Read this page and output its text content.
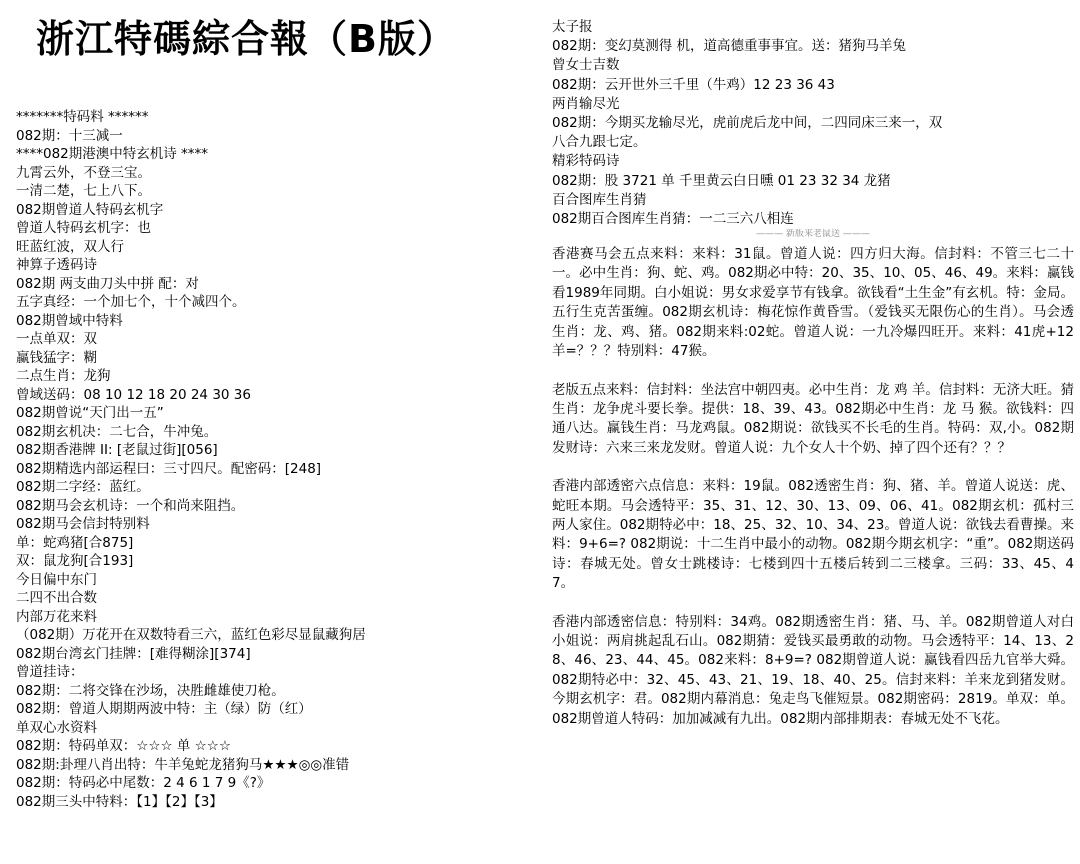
浙江特碼綜合報（B版）
*******特码料 ******
082期：十三减一
****082期港澳中特玄机诗 ****
九霄云外，不登三宝。
一清二楚，七上八下。
082期曾道人特码玄机字
曾道人特码玄机字：也
旺蓝红波，双人行
神算子透码诗
082期 两支曲刀头中拼 配：对
五字真经：一个加七个，十个减四个。
082期曾域中特料
一点单双：双
赢钱猛字：糊
二点生肖：龙狗
曾域送码：08 10 12 18 20 24 30 36
082期曾说“天门出一五”
082期玄机决：二七合，牛冲兔。
082期香港牌 II: [老鼠过街][056]
082期精选内部运程曰：三寸四尺。配密码：[248]
082期二字经：蓝红。
082期马会玄机诗：一个和尚来阻挡。
082期马会信封特别料
单：蛇鸡猪[合875]
双：鼠龙狗[合193]
今日偏中东门
二四不出合数
内部万花来料
（082期）万花开在双数特看三六，蓝红色彩尽显鼠藏狗居
082期台湾玄门挂牌：[难得糊涂][374]
曾道挂诗：
082期：二将交锋在沙场，决胜雌雄使刀枪。
082期：曾道人期期两波中特：主（绿）防（红）
单双心水资料
082期：特码单双：☆☆☆ 单 ☆☆☆
082期:卦理八肖出特：牛羊兔蛇龙猪狗马★★★◎◎准错
082期：特码必中尾数：2 4 6 1 7 9《?》
082期三头中特料：【1】【2】【3】
太子报
082期：变幻莫测得 机，道高德重事事宜。送：猪狗马羊兔
曾女士吉数
082期：云开世外三千里（牛鸡）12 23 36 43
两肖输尽光
082期：今期买龙输尽光，虎前虎后龙中间，二四同床三来一，双
八合九跟七定。
精彩特码诗
082期：股 3721 单 千里黄云白日曛 01 23 32 34 龙猪
百合图库生肖猜
082期百合图库生肖猜：一二三六八相连
——— 新版来老鼠送 ———

香港赛马会五点来料：来料：31鼠。曾道人说：四方归大海。信封料：不管三七二十一。必中生肖：狗、蛇、鸡。082期必中特：20、35、10、05、46、49。来料：赢钱看1989年同期。白小姐说：男女求爱享节有钱拿。欲钱看“土生金”有玄机。特：金局。五行生克苦蛋缠。082期玄机诗：梅花惊作黄昏雪。（爱钱买无限伤心的生肖）。马会透生肖：龙、鸡、猪。082期来料:02蛇。曾道人说：一九冷爆四旺开。来料：41虎+12羊=？？？特别料：47猴。

老版五点来料：信封料：坐法宫中朝四夷。必中生肖：龙 鸡 羊。信封料：无济大旺。猜生肖：龙争虎斗要长拳。提供：18、39、43。082期必中生肖：龙 马 猴。欲钱料：四通八达。赢钱生肖：马龙鸡鼠。082期说：欲钱买不长毛的生肖。特码：双,小。082期发财诗：六来三来龙发财。曾道人说：九个女人十个奶、掉了四个还有？？？

香港内部透密六点信息：来料：19鼠。082透密生肖：狗、猪、羊。曾道人说送：虎、蛇旺本期。马会透特平：35、31、12、30、13、09、06、41。082期玄机：孤村三两人家住。082期特必中：18、25、32、10、34、23。曾道人说：欲钱去看曹操。来料：9+6=? 082期说：十二生肖中最小的动物。082期今期玄机字：“重”。082期送码诗：春城无处。曾女士跳楼诗：七楼到四十五楼后转到二三楼拿。三码：33、45、47。

香港内部透密信息：特别料：34鸡。082期透密生肖：猪、马、羊。082期曾道人对白小姐说：两肩挑起乱石山。082期猜：爱钱买最勇敢的动物。马会透特平：14、13、28、46、23、44、45。082来料：8+9=? 082期曾道人说：赢钱看四岳九官举大舜。082期特必中：32、45、43、21、19、18、40、25。信封来料：羊来龙到猪发财。今期玄机字：君。082期内幕消息：兔走鸟飞催短景。082期密码：2819。单双：单。082期曾道人特码：加加减减有九出。082期内部排期表：春城无处不飞花。
